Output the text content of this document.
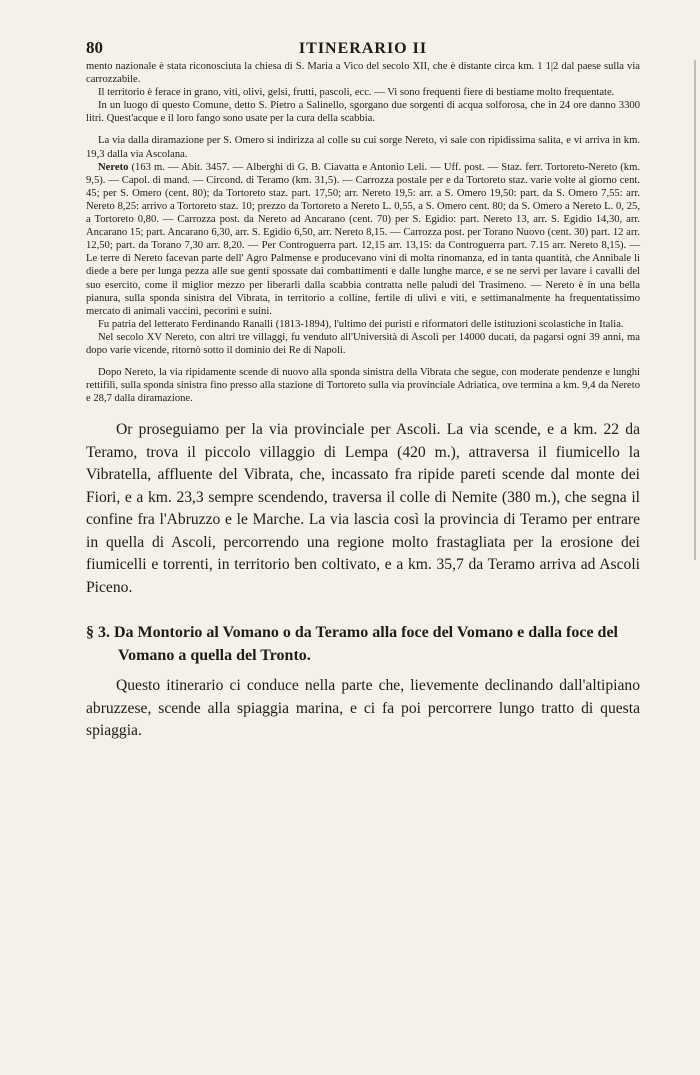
80	ITINERARIO II

mento nazionale è stata riconosciuta la chiesa di S. Maria a Vico del secolo XII, che è distante circa km. 1 1|2 dal paese sulla via carrozzabile.

Il territorio è ferace in grano, viti, olivi, gelsi, frutti, pascoli, ecc. — Vi sono frequenti fiere di bestiame molto frequentate.

In un luogo di questo Comune, detto S. Pietro a Salinello, sgorgano due sorgenti di acqua solforosa, che in 24 ore danno 3300 litri. Quest'acque e il loro fango sono usate per la cura della scabbia.

La via dalla diramazione per S. Omero si indirizza al colle su cui sorge Nereto, vi sale con ripidissima salita, e vi arriva in km. 19,3 dalla via Ascolana.

Nereto (163 m. — Abit. 3457. — Alberghi di G. B. Ciavatta e Antonio Leli. — Uff. post. — Staz. ferr. Tortoreto-Nereto (km. 9,5). — Capol. di mand. — Circond. di Teramo (km. 31,5). — Carrozza postale per e da Tortoreto staz. varie volte al giorno cent. 45; per S. Omero (cent. 80); da Tortoreto staz. part. 17,50; arr. Nereto 19,5: arr. a S. Omero 19,50: part. da S. Omero 7,55: arr. Nereto 8,25: arrivo a Tortoreto staz. 10; prezzo da Tortoreto a Nereto L. 0,55, a S. Omero cent. 80; da S. Omero a Nereto L. 0, 25, a Tortoreto 0,80. — Carrozza post. da Nereto ad Ancarano (cent. 70) per S. Egidio: part. Nereto 13, arr. S. Egidio 14,30, arr. Ancarano 15; part. Ancarano 6,30, arr. S. Egidio 6,50, arr. Nereto 8,15. — Carrozza post. per Torano Nuovo (cent. 30) part. 12 arr. 12,50; part. da Torano 7,30 arr. 8,20. — Per Controguerra part. 12,15 arr. 13,15: da Controguerra part. 7.15 arr. Nereto 8,15). — Le terre di Nereto facevan parte dell' Agro Palmense e producevano vini di molta rinomanza, ed in tanta quantità, che Annibale li diede a bere per lunga pezza alle sue genti spossate dai combattimenti e dalle lunghe marce, e se ne servì per lavare i cavalli del suo esercito, come il miglior mezzo per liberarli dalla scabbia contratta nelle paludi del Trasimeno. — Nereto è in una bella pianura, sulla sponda sinistra del Vibrata, in territorio a colline, fertile di ulivi e viti, e settimanalmente ha frequentatissimo mercato di animali vaccini, pecorini e suini.

Fu patria del letterato Ferdinando Ranalli (1813-1894), l'ultimo dei puristi e riformatori delle istituzioni scolastiche in Italia.

Nel secolo XV Nereto, con altri tre villaggi, fu venduto all'Università di Ascoli per 14000 ducati, da pagarsi ogni 39 anni, ma dopo varie vicende, ritornò sotto il dominio dei Re di Napoli.

Dopo Nereto, la via ripidamente scende di nuovo alla sponda sinistra della Vibrata che segue, con moderate pendenze e lunghi rettifili, sulla sponda sinistra fino presso alla stazione di Tortoreto sulla via provinciale Adriatica, ove termina a km. 9,4 da Nereto e 28,7 dalla diramazione.

Or proseguiamo per la via provinciale per Ascoli. La via scende, e a km. 22 da Teramo, trova il piccolo villaggio di Lempa (420 m.), attraversa il fiumicello la Vibratella, affluente del Vibrata, che, incassato fra ripide pareti scende dal monte dei Fiori, e a km. 23,3 sempre scendendo, traversa il colle di Nemite (380 m.), che segna il confine fra l'Abruzzo e le Marche. La via lascia così la provincia di Teramo per entrare in quella di Ascoli, percorrendo una regione molto frastagliata per la erosione dei fiumicelli e torrenti, in territorio ben coltivato, e a km. 35,7 da Teramo arriva ad Ascoli Piceno.

§ 3. Da Montorio al Vomano o da Teramo alla foce del Vomano e dalla foce del Vomano a quella del Tronto.

Questo itinerario ci conduce nella parte che, lievemente declinando dall'altipiano abruzzese, scende alla spiaggia marina, e ci fa poi percorrere lungo tratto di questa spiaggia.
